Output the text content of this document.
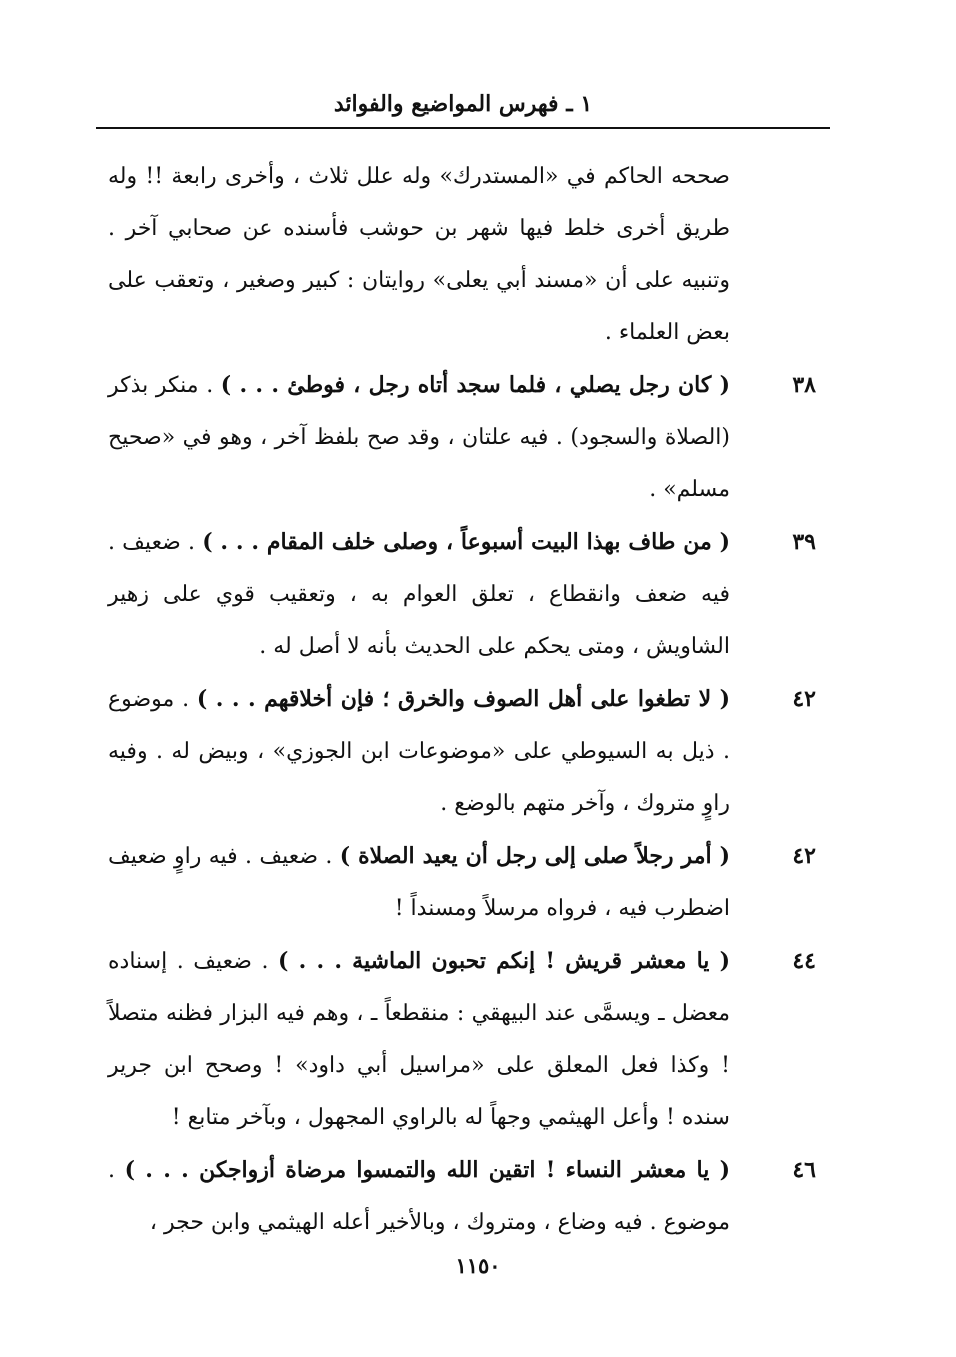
١ ـ فهرس المواضيع والفوائد
صححه الحاكم في «المستدرك» وله علل ثلاث ، وأخرى رابعة !! وله طريق أخرى خلط فيها شهر بن حوشب فأسنده عن صحابي آخر . وتنبيه على أن «مسند أبي يعلى» روايتان : كبير وصغير ، وتعقب على بعض العلماء .
٣٨
( كان رجل يصلي ، فلما سجد أتاه رجل ، فوطئ . . . ) . منكر بذكر (الصلاة والسجود) . فيه علتان ، وقد صح بلفظ آخر ، وهو في «صحيح مسلم» .
٣٩
( من طاف بهذا البيت أسبوعاً ، وصلى خلف المقام . . . ) . ضعيف . فيه ضعف وانقطاع ، تعلق العوام به ، وتعقيب قوي على زهير الشاويش ، ومتى يحكم على الحديث بأنه لا أصل له .
٤٢
( لا تطغوا على أهل الصوف والخرق ؛ فإن أخلاقهم . . . ) . موضوع . ذيل به السيوطي على «موضوعات ابن الجوزي» ، وبيض له . وفيه راوٍ متروك ، وآخر متهم بالوضع .
٤٢
( أمر رجلاً صلى إلى رجل أن يعيد الصلاة ) . ضعيف . فيه راوٍ ضعيف اضطرب فيه ، فرواه مرسلاً ومسنداً !
٤٤
( يا معشر قريش ! إنكم تحبون الماشية . . . ) . ضعيف . إسناده معضل ـ ويسمَّى عند البيهقي : منقطعاً ـ ، وهم فيه البزار فظنه متصلاً ! وكذا فعل المعلق على «مراسيل أبي داود» ! وصحح ابن جرير سنده ! وأعل الهيثمي وجهاً له بالراوي المجهول ، وبآخر متابع !
٤٦
( يا معشر النساء ! اتقين الله والتمسوا مرضاة أزواجكن . . . ) . موضوع . فيه وضاع ، ومتروك ، وبالأخير أعله الهيثمي وابن حجر ،
١١٥٠
